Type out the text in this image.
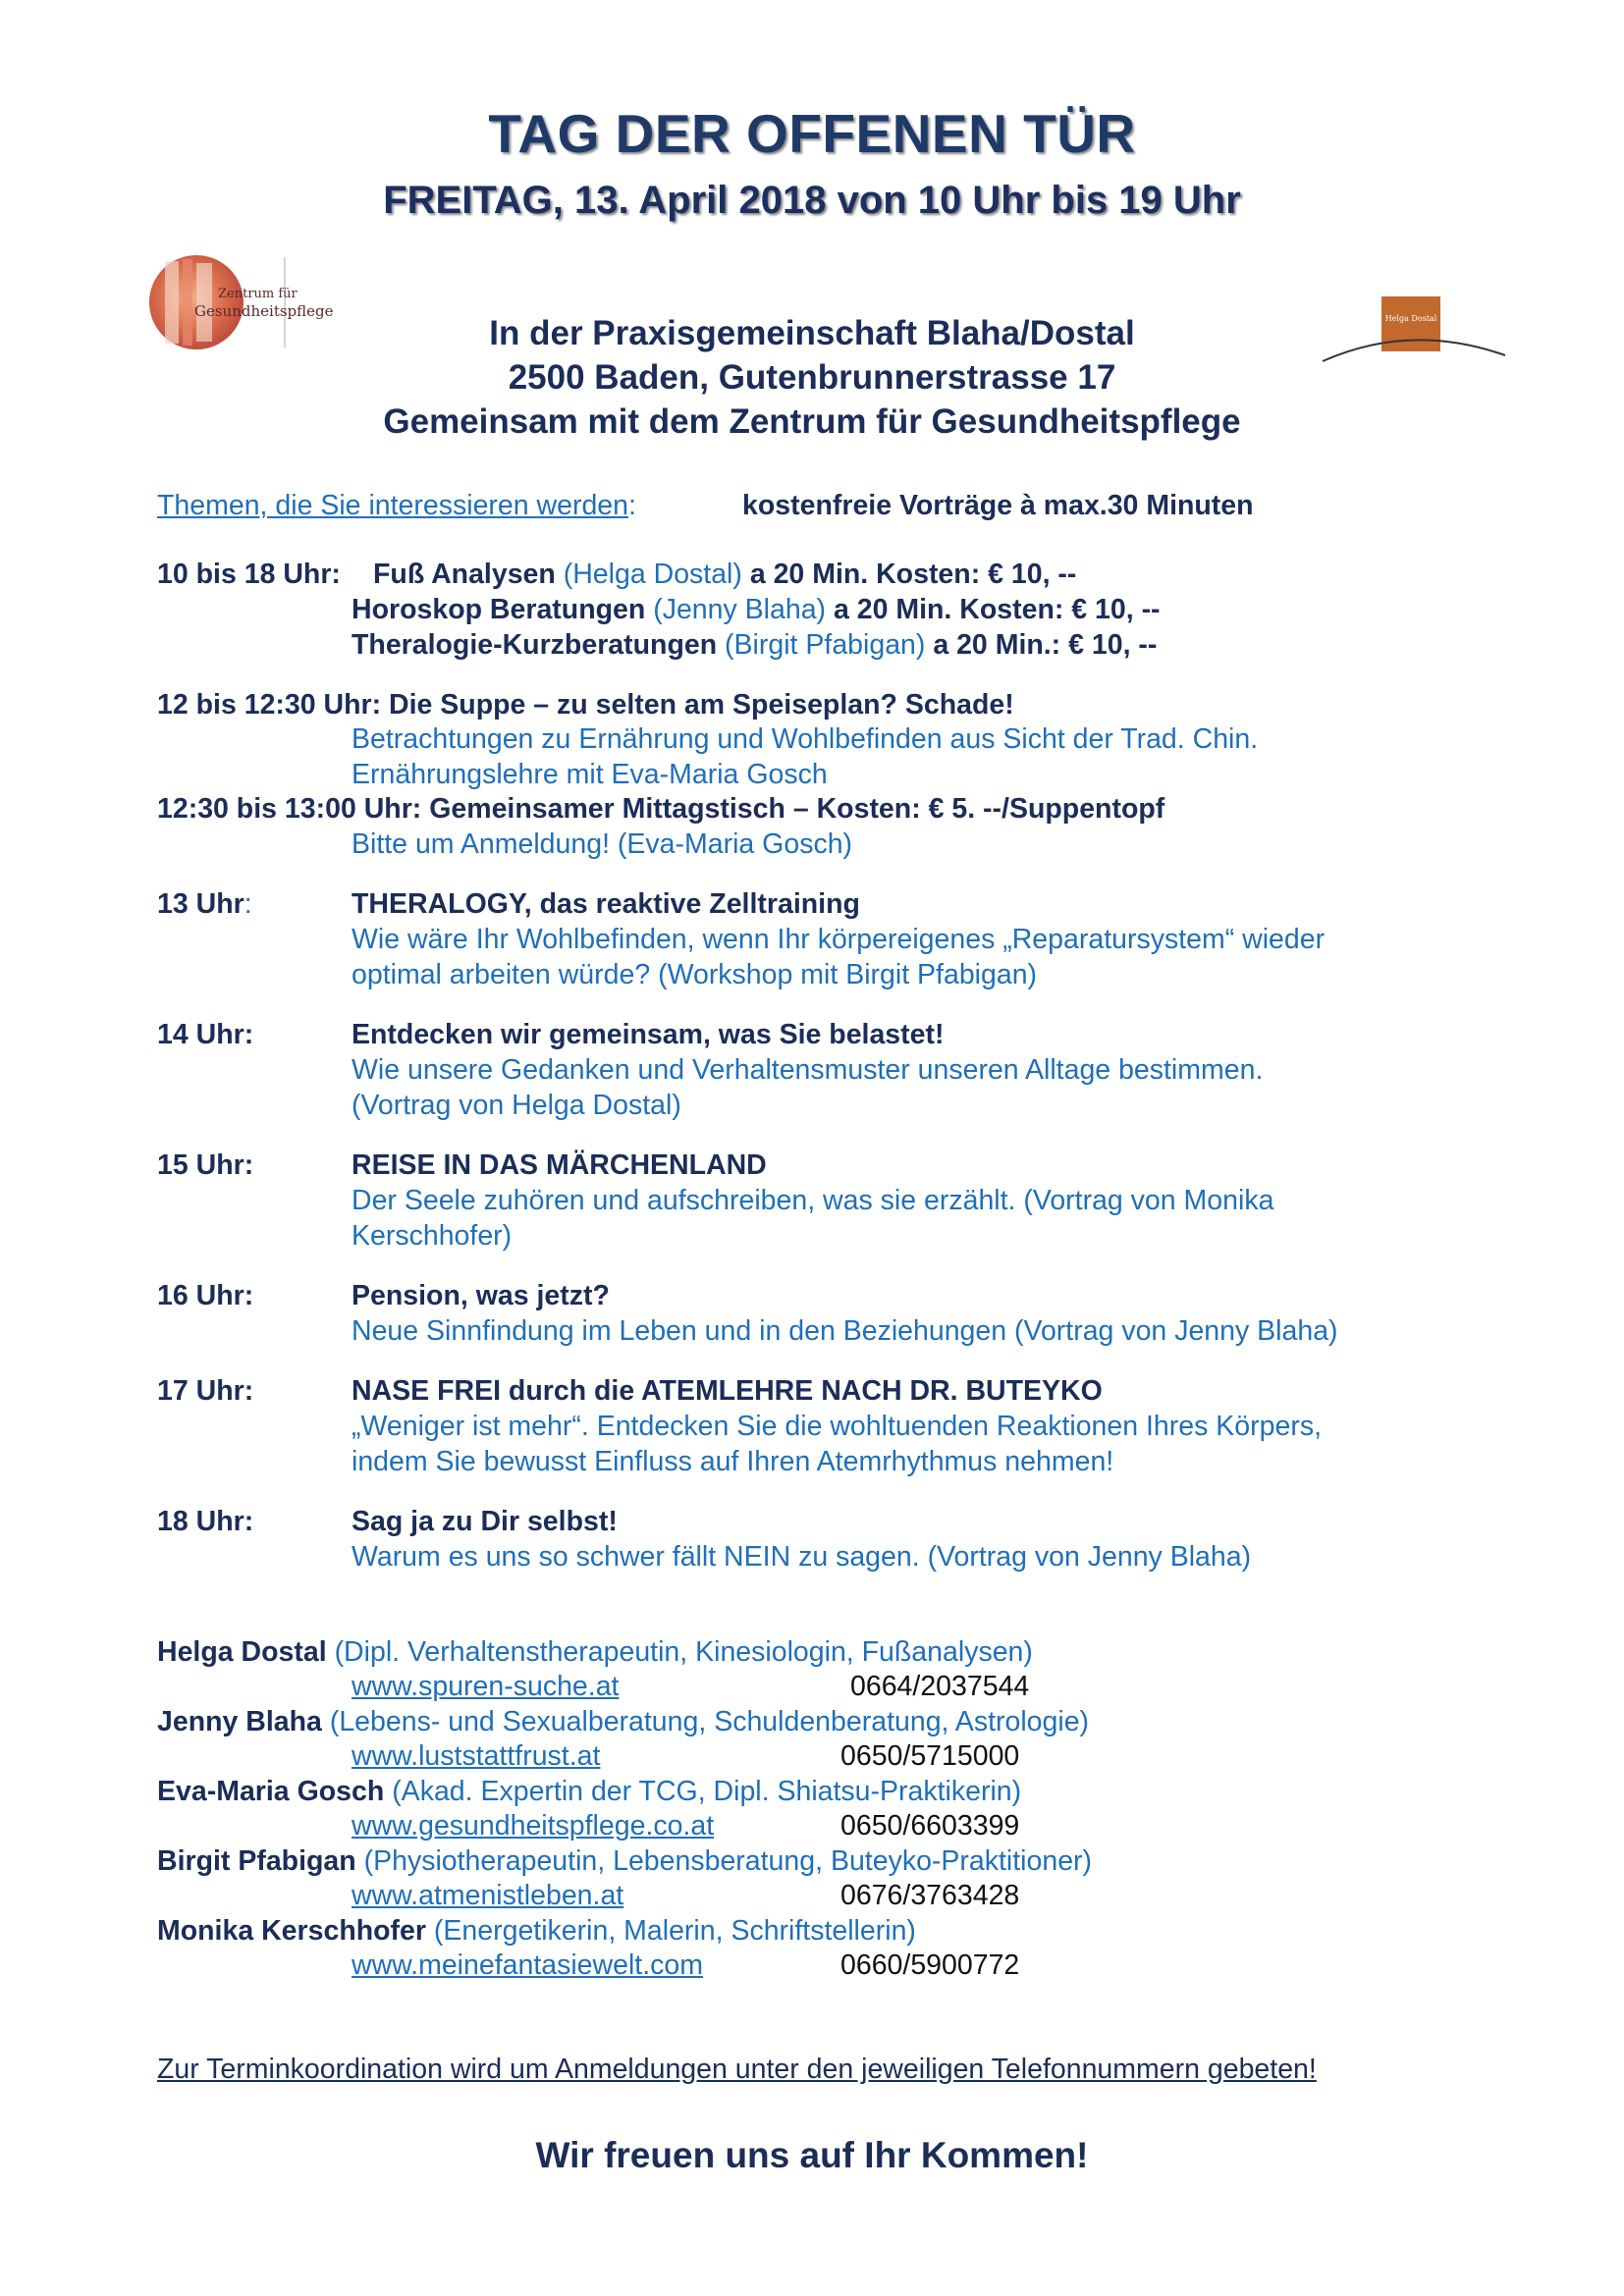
TAG DER OFFENEN TÜR
FREITAG, 13. April 2018 von 10 Uhr bis 19 Uhr
Zentrum für
Gesundheitspflege	Helga Dostal
SPURENSUCHE
In der Praxisgemeinschaft Blaha/Dostal
2500 Baden, Gutenbrunnerstrasse 17
Gemeinsam mit dem Zentrum für Gesundheitspflege
Themen, die Sie interessieren werden:	kostenfreie Vorträge à max.30 Minuten
10 bis 18 Uhr: Fuß Analysen (Helga Dostal) a 20 Min. Kosten: € 10, --
Horoskop Beratungen (Jenny Blaha) a 20 Min. Kosten: € 10, --
Theralogie-Kurzberatungen (Birgit Pfabigan) a 20 Min.: € 10, --
12 bis 12:30 Uhr: Die Suppe – zu selten am Speiseplan? Schade!
Betrachtungen zu Ernährung und Wohlbefinden aus Sicht der Trad. Chin.
Ernährungslehre mit Eva-Maria Gosch
12:30 bis 13:00 Uhr: Gemeinsamer Mittagstisch – Kosten: € 5. --/Suppentopf
Bitte um Anmeldung! (Eva-Maria Gosch)
13 Uhr:	THERALOGY, das reaktive Zelltraining
Wie wäre Ihr Wohlbefinden, wenn Ihr körpereigenes „Reparatursystem“ wieder
optimal arbeiten würde? (Workshop mit Birgit Pfabigan)
14 Uhr:	Entdecken wir gemeinsam, was Sie belastet!
Wie unsere Gedanken und Verhaltensmuster unseren Alltage bestimmen.
(Vortrag von Helga Dostal)
15 Uhr:	REISE IN DAS MÄRCHENLAND
Der Seele zuhören und aufschreiben, was sie erzählt. (Vortrag von Monika
Kerschhofer)
16 Uhr:	Pension, was jetzt?
Neue Sinnfindung im Leben und in den Beziehungen (Vortrag von Jenny Blaha)
17 Uhr:	NASE FREI durch die ATEMLEHRE NACH DR. BUTEYKO
„Weniger ist mehr“. Entdecken Sie die wohltuenden Reaktionen Ihres Körpers,
indem Sie bewusst Einfluss auf Ihren Atemrhythmus nehmen!
18 Uhr:	Sag ja zu Dir selbst!
Warum es uns so schwer fällt NEIN zu sagen. (Vortrag von Jenny Blaha)
Helga Dostal (Dipl. Verhaltenstherapeutin, Kinesiologin, Fußanalysen)
www.spuren-suche.at	0664/2037544
Jenny Blaha (Lebens- und Sexualberatung, Schuldenberatung, Astrologie)
www.luststattfrust.at	0650/5715000
Eva-Maria Gosch (Akad. Expertin der TCG, Dipl. Shiatsu-Praktikerin)
www.gesundheitspflege.co.at	0650/6603399
Birgit Pfabigan (Physiotherapeutin, Lebensberatung, Buteyko-Praktitioner)
www.atmenistleben.at	0676/3763428
Monika Kerschhofer (Energetikerin, Malerin, Schriftstellerin)
www.meinefantasiewelt.com	0660/5900772
Zur Terminkoordination wird um Anmeldungen unter den jeweiligen Telefonnummern gebeten!
Wir freuen uns auf Ihr Kommen!
